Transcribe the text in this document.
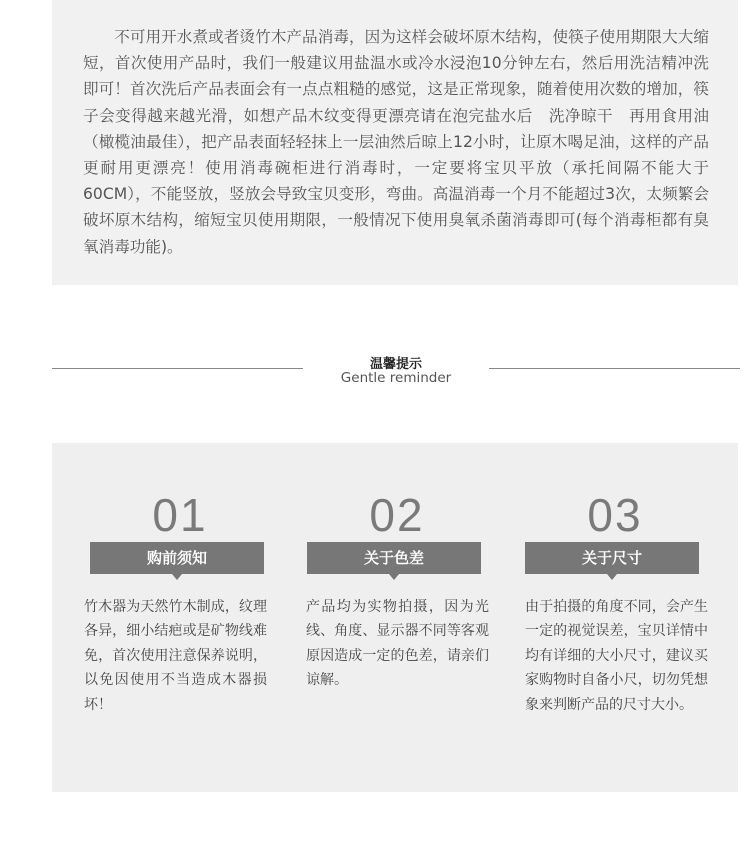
不可用开水煮或者烫竹木产品消毒，因为这样会破坏原木结构，使筷子使用期限大大缩短，首次使用产品时，我们一般建议用盐温水或冷水浸泡10分钟左右，然后用洗洁精冲洗即可！首次洗后产品表面会有一点点粗糙的感觉，这是正常现象，随着使用次数的增加，筷子会变得越来越光滑，如想产品木纹变得更漂亮请在泡完盐水后　洗净晾干　再用食用油（橄榄油最佳），把产品表面轻轻抹上一层油然后晾上12小时，让原木喝足油，这样的产品更耐用更漂亮！使用消毒碗柜进行消毒时，一定要将宝贝平放（承托间隔不能大于60CM），不能竖放，竖放会导致宝贝变形，弯曲。高温消毒一个月不能超过3次，太频繁会破坏原木结构，缩短宝贝使用期限，一般情况下使用臭氧杀菌消毒即可(每个消毒柜都有臭氧消毒功能)。

温馨提示

Gentle reminder

01
购前须知

竹木器为天然竹木制成，纹理各异，细小结疤或是矿物线难免，首次使用注意保养说明，以免因使用不当造成木器损坏！

02
关于色差

产品均为实物拍摄，因为光线、角度、显示器不同等客观原因造成一定的色差，请亲们谅解。

03
关于尺寸

由于拍摄的角度不同，会产生一定的视觉误差，宝贝详情中均有详细的大小尺寸，建议买家购物时自备小尺，切勿凭想象来判断产品的尺寸大小。
